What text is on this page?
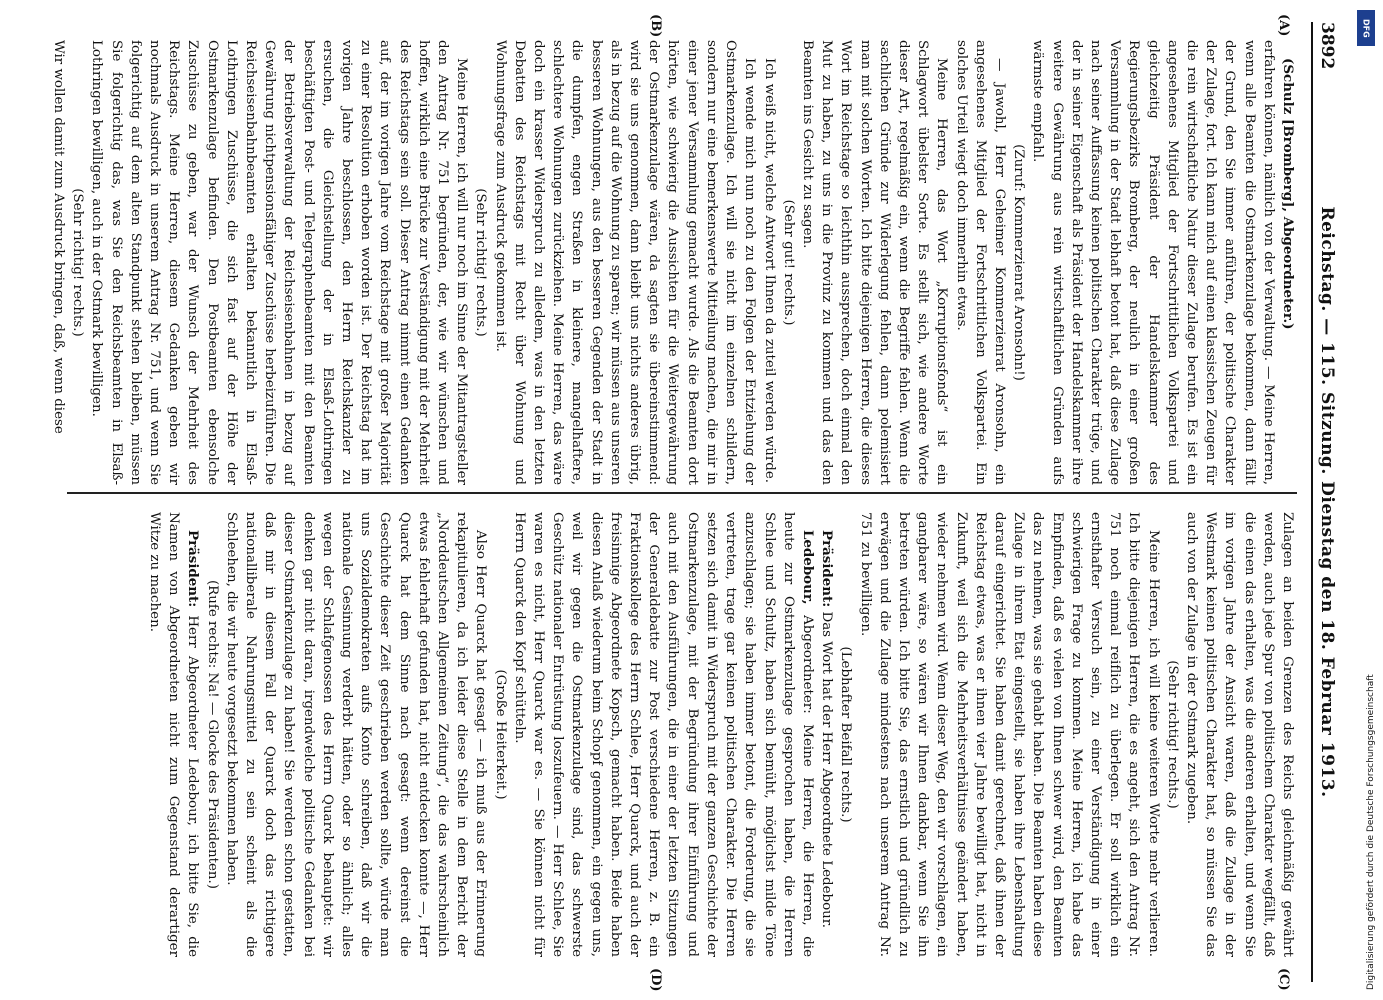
3892
Reichstag. — 115. Sitzung. Dienstag den 18. Februar 1913.
(A)
(B)
(C)
(D)

(Schulz [Bromberg], Abgeordneter.)

erfahren können, nämlich von der Verwaltung. — Meine Herren, wenn alle Beamten die Ostmarkenzulage bekommen, dann fällt der Grund, den Sie immer anführen, der politische Charakter der Zulage, fort. Ich kann mich auf einen klassischen Zeugen für die rein wirtschaftliche Natur dieser Zulage berufen. Es ist ein angesehenes Mitglied der Fortschrittlichen Volkspartei und gleichzeitig Präsident der Handelskammer des Regierungsbezirks Bromberg, der neulich in einer großen Versammlung in der Stadt lebhaft betont hat, daß diese Zulage nach seiner Auffassung keinen politischen Charakter trüge, und der in seiner Eigenschaft als Präsident der Handelskammer ihre weitere Gewährung aus rein wirtschaftlichen Gründen aufs wärmste empfahl.

(Zuruf: Kommerzienrat Aronsohn!)

— Jawohl, Herr Geheimer Kommerzienrat Aronsohn, ein angesehenes Mitglied der Fortschrittlichen Volkspartei. Ein solches Urteil wiegt doch immerhin etwas.

Meine Herren, das Wort „Korruptionsfonds“ ist ein Schlagwort übelster Sorte. Es stellt sich, wie andere Worte dieser Art, regelmäßig ein, wenn die Begriffe fehlen. Wenn die sachlichen Gründe zur Widerlegung fehlen, dann polemisiert man mit solchen Worten. Ich bitte diejenigen Herren, die dieses Wort im Reichstage so leichthin aussprechen, doch einmal den Mut zu haben, zu uns in die Provinz zu kommen und das den Beamten ins Gesicht zu sagen.

(Sehr gut! rechts.)

Ich weiß nicht, welche Antwort Ihnen da zuteil werden würde.

Ich wende mich nun noch zu den Folgen der Entziehung der Ostmarkenzulage. Ich will sie nicht im einzelnen schildern, sondern nur eine bemerkenswerte Mitteilung machen, die mir in einer jener Versammlung gemacht wurde. Als die Beamten dort hörten, wie schwierig die Aussichten für die Weitergewährung der Ostmarkenzulage wären, da sagten sie übereinstimmend: wird sie uns genommen, dann bleibt uns nichts anderes übrig, als in bezug auf die Wohnung zu sparen; wir müssen aus unseren besseren Wohnungen, aus den besseren Gegenden der Stadt in die dumpfen, engen Straßen in kleinere, mangelhaftere, schlechtere Wohnungen zurückziehen. Meine Herren, das wäre doch ein krasser Widerspruch zu alledem, was in den letzten Debatten des Reichstags mit Recht über Wohnung und Wohnungsfrage zum Ausdruck gekommen ist.

(Sehr richtig! rechts.)

Meine Herren, ich will nur noch im Sinne der Mitantragsteller den Antrag Nr. 751 begründen, der, wie wir wünschen und hoffen, wirklich eine Brücke zur Verständigung mit der Mehrheit des Reichstags sein soll. Dieser Antrag nimmt einen Gedanken auf, der im vorigen Jahre vom Reichstage mit großer Majorität zu einer Resolution erhoben worden ist. Der Reichstag hat im vorigen Jahre beschlossen, den Herrn Reichskanzler zu ersuchen, die Gleichstellung der in Elsaß-Lothringen beschäftigten Post- und Telegraphenbeamten mit den Beamten der Betriebsverwaltung der Reichseisenbahnen in bezug auf Gewährung nichtpensionsfähiger Zuschüsse herbeizuführen. Die Reichseisenbahnbeamten erhalten bekanntlich in Elsaß-Lothringen Zuschüsse, die sich fast auf der Höhe der Ostmarkenzulage befinden. Den Postbeamten ebensolche Zuschüsse zu geben, war der Wunsch der Mehrheit des Reichstags. Meine Herren, diesem Gedanken geben wir nochmals Ausdruck in unserem Antrag Nr. 751, und wenn Sie folgerichtig auf dem alten Standpunkt stehen bleiben, müssen Sie folgerichtig das, was Sie den Reichsbeamten in Elsaß-Lothringen bewilligen, auch in der Ostmark bewilligen.

(Sehr richtig! rechts.)

Wir wollen damit zum Ausdruck bringen, daß, wenn diese

Zulagen an beiden Grenzen des Reichs gleichmäßig gewährt werden, auch jede Spur von politischem Charakter wegfällt, daß die einen das erhalten, was die anderen erhalten, und wenn Sie im vorigen Jahre der Ansicht waren, daß die Zulage in der Westmark keinen politischen Charakter hat, so müssen Sie das auch von der Zulage in der Ostmark zugeben.

(Sehr richtig! rechts.)

Meine Herren, ich will keine weiteren Worte mehr verlieren. Ich bitte diejenigen Herren, die es angeht, sich den Antrag Nr. 751 noch einmal reiflich zu überlegen. Er soll wirklich ein ernsthafter Versuch sein, zu einer Verständigung in einer schwierigen Frage zu kommen. Meine Herren, ich habe das Empfinden, daß es vielen von Ihnen schwer wird, den Beamten das zu nehmen, was sie gehabt haben. Die Beamten haben diese Zulage in ihrem Etat eingestellt, sie haben ihre Lebenshaltung darauf eingerichtet. Sie haben damit gerechnet, daß ihnen der Reichstag etwas, was er ihnen vier Jahre bewilligt hat, nicht in Zukunft, weil sich die Mehrheitsverhältnisse geändert haben, wieder nehmen wird. Wenn dieser Weg, den wir vorschlagen, ein gangbarer wäre, so wären wir Ihnen dankbar, wenn Sie ihn betreten würden. Ich bitte Sie, das ernstlich und gründlich zu erwägen und die Zulage mindestens nach unserem Antrag Nr. 751 zu bewilligen.

(Lebhafter Beifall rechts.)

Präsident: Das Wort hat der Herr Abgeordnete Ledebour.

Ledebour, Abgeordneter: Meine Herren, die Herren, die heute zur Ostmarkenzulage gesprochen haben, die Herren Schlee und Schultz, haben sich bemüht, möglichst milde Töne anzuschlagen; sie haben immer betont, die Forderung, die sie vertreten, trage gar keinen politischen Charakter. Die Herren setzen sich damit in Widerspruch mit der ganzen Geschichte der Ostmarkenzulage, mit der Begründung ihrer Einführung und auch mit den Ausführungen, die in einer der letzten Sitzungen der Generaldebatte zur Post verschiedene Herren, z. B. ein Fraktionskollege des Herrn Schlee, Herr Quarck, und auch der freisinnige Abgeordnete Kopsch, gemacht haben. Beide haben diesen Anlaß wiederum beim Schopf genommen, ein gegen uns, weil wir gegen die Ostmarkenzulage sind, das schwerste Geschütz nationaler Entrüstung loszufeuern. — Herr Schlee, Sie waren es nicht, Herr Quarck war es. — Sie können nicht für Herrn Quarck den Kopf schütteln.

(Große Heiterkeit.)

Also Herr Quarck hat gesagt — ich muß aus der Erinnerung rekapitulieren, da ich leider diese Stelle in dem Bericht der „Norddeutschen Allgemeinen Zeitung“, die das wahrscheinlich etwas fehlerhaft gefunden hat, nicht entdecken konnte —, Herr Quarck hat dem Sinne nach gesagt: wenn dereinst die Geschichte dieser Zeit geschrieben werden sollte, würde man uns Sozialdemokraten aufs Konto schreiben, daß wir die nationale Gesinnung verderbt hätten, oder so ähnlich; alles wegen der Schlafgenossen des Herrn Quarck behauptet: wir denken gar nicht daran, irgendwelche politische Gedanken bei dieser Ostmarkenzulage zu haben! Sie werden schon gestatten, daß mir in diesem Fall der Quarck doch das richtigere nationalliberale Nahrungsmittel zu sein scheint als die Schleehen, die wir heute vorgesetzt bekommen haben.

(Rufe rechts: Na! — Glocke des Präsidenten.)

Präsident: Herr Abgeordneter Ledebour, ich bitte Sie, die Namen von Abgeordneten nicht zum Gegenstand derartiger Witze zu machen.

DFG
Digitalisierung gefördert durch die Deutsche Forschungsgemeinschaft
